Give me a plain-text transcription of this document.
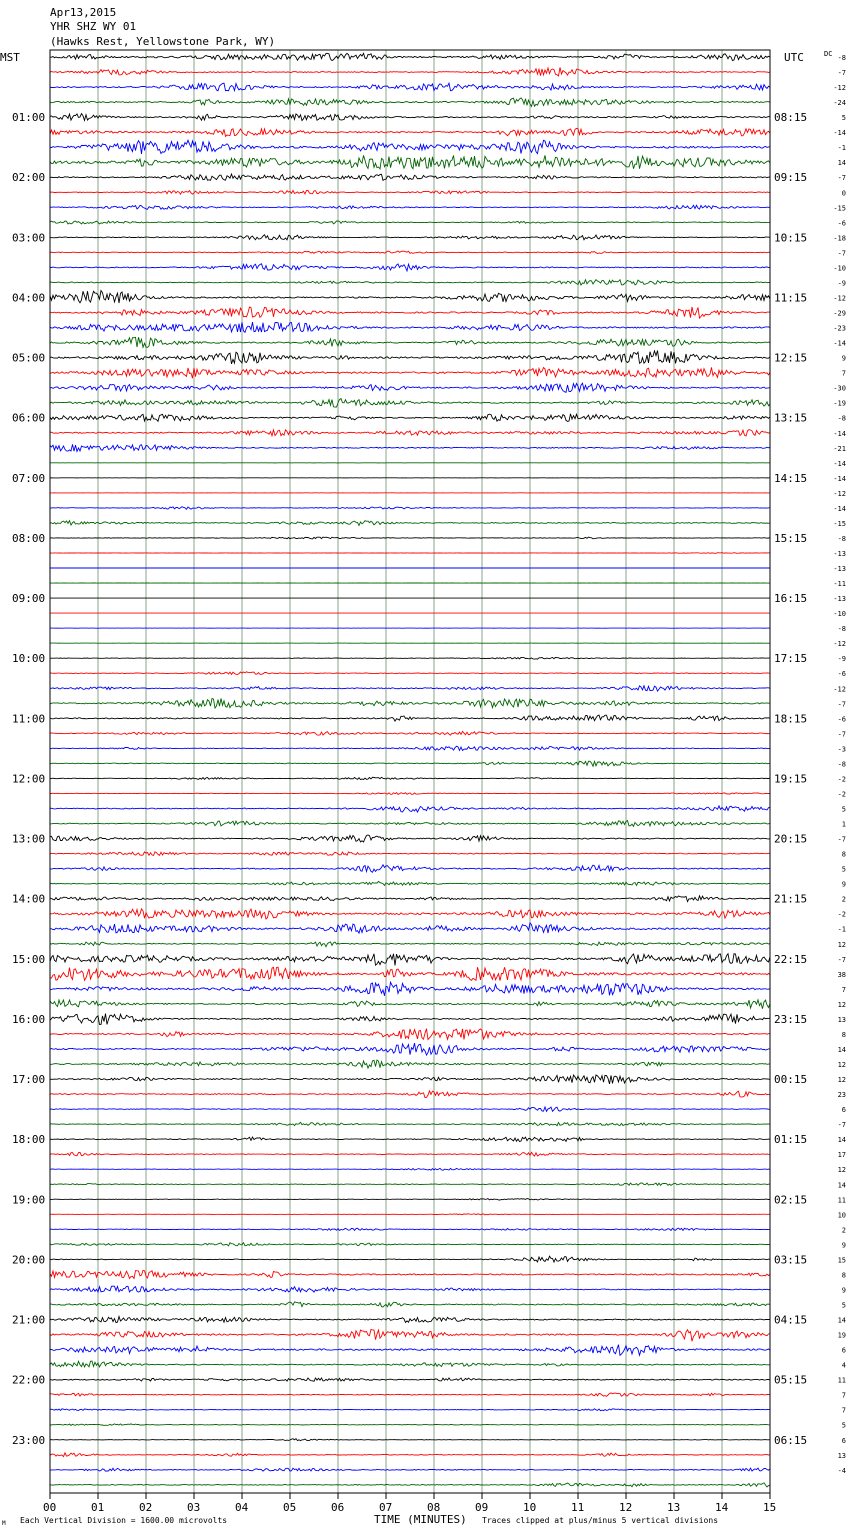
Apr13,2015
YHR SHZ WY 01
(Hawks Rest, Yellowstone Park, WY)
MST	UTC	DC
00	01	02	03	04	05	06	07	08	09	10	11	12	13	14	15
-8
-7
-12
-24
5
-14
-1
14
-7
0
-15
-6
-18
-7
-10
-9
-12
-29
-23
-14
9
7
-30
-19
-8
-14
-21
-14
-14
-12
-14
-15
-8
-13
-13
-11
-13
-10
-8
-12
-9
-6
-12
-7
-6
-7
-3
-8
-2
-2
5
1
-7
8
5
9
2
-2
-1
12
-7
38
7
12
13
8
14
12
12
23
6
-7
14
17
12
14
11
10
2
9
15
8
9
5
14
19
6
4
11
7
7
5
6
13
-4
01:00	08:15
02:00	09:15
03:00	10:15
04:00	11:15
05:00	12:15
06:00	13:15
07:00	14:15
08:00	15:15
09:00	16:15
10:00	17:15
11:00	18:15
12:00	19:15
13:00	20:15
14:00	21:15
15:00	22:15
16:00	23:15
17:00	00:15
18:00	01:15
19:00	02:15
20:00	03:15
21:00	04:15
22:00	05:15
23:00	06:15
M Each Vertical Division = 1600.00 microvolts	TIME (MINUTES) Traces clipped at plus/minus 5 vertical divisions
